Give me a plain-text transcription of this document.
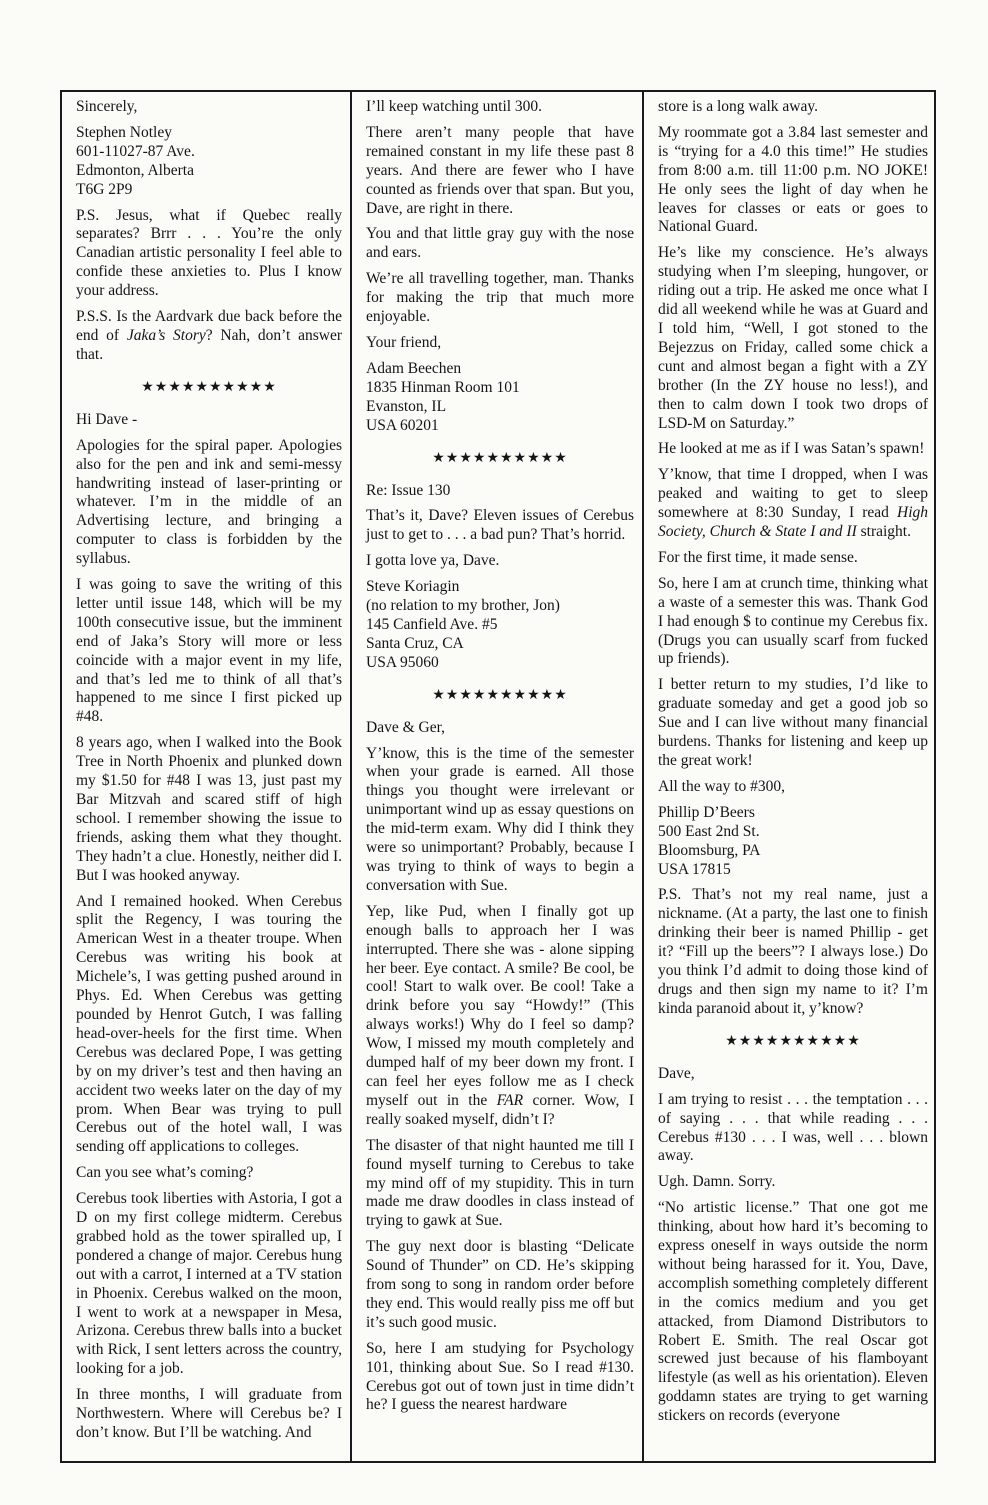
Sincerely,

Stephen Notley
601-11027-87 Ave.
Edmonton, Alberta
T6G 2P9

P.S. Jesus, what if Quebec really separates? Brrr . . . You’re the only Canadian artistic personality I feel able to confide these anxieties to. Plus I know your address.

P.S.S. Is the Aardvark due back before the end of Jaka’s Story? Nah, don’t answer that.

★★★★★★★★★★

Hi Dave -

Apologies for the spiral paper. Apologies also for the pen and ink and semi-messy handwriting instead of laser-printing or whatever. I’m in the middle of an Advertising lecture, and bringing a computer to class is forbidden by the syllabus.

I was going to save the writing of this letter until issue 148, which will be my 100th consecutive issue, but the imminent end of Jaka’s Story will more or less coincide with a major event in my life, and that’s led me to think of all that’s happened to me since I first picked up #48.

8 years ago, when I walked into the Book Tree in North Phoenix and plunked down my $1.50 for #48 I was 13, just past my Bar Mitzvah and scared stiff of high school. I remember showing the issue to friends, asking them what they thought. They hadn’t a clue. Honestly, neither did I. But I was hooked anyway.

And I remained hooked. When Cerebus split the Regency, I was touring the American West in a theater troupe. When Cerebus was writing his book at Michele’s, I was getting pushed around in Phys. Ed. When Cerebus was getting pounded by Henrot Gutch, I was falling head-over-heels for the first time. When Cerebus was declared Pope, I was getting by on my driver’s test and then having an accident two weeks later on the day of my prom. When Bear was trying to pull Cerebus out of the hotel wall, I was sending off applications to colleges.

Can you see what’s coming?

Cerebus took liberties with Astoria, I got a D on my first college midterm. Cerebus grabbed hold as the tower spiralled up, I pondered a change of major. Cerebus hung out with a carrot, I interned at a TV station in Phoenix. Cerebus walked on the moon, I went to work at a newspaper in Mesa, Arizona. Cerebus threw balls into a bucket with Rick, I sent letters across the country, looking for a job.

In three months, I will graduate from Northwestern. Where will Cerebus be? I don’t know. But I’ll be watching. And

I’ll keep watching until 300.

There aren’t many people that have remained constant in my life these past 8 years. And there are fewer who I have counted as friends over that span. But you, Dave, are right in there.

You and that little gray guy with the nose and ears.

We’re all travelling together, man. Thanks for making the trip that much more enjoyable.

Your friend,

Adam Beechen
1835 Hinman Room 101
Evanston, IL
USA 60201
★★★★★★★★★★

Re: Issue 130

That’s it, Dave? Eleven issues of Cerebus just to get to . . . a bad pun? That’s horrid.

I gotta love ya, Dave.

Steve Koriagin
(no relation to my brother, Jon)
145 Canfield Ave. #5
Santa Cruz, CA
USA 95060
★★★★★★★★★★

Dave & Ger,

Y’know, this is the time of the semester when your grade is earned. All those things you thought were irrelevant or unimportant wind up as essay questions on the mid-term exam. Why did I think they were so unimportant? Probably, because I was trying to think of ways to begin a conversation with Sue.

Yep, like Pud, when I finally got up enough balls to approach her I was interrupted. There she was - alone sipping her beer. Eye contact. A smile? Be cool, be cool! Start to walk over. Be cool! Take a drink before you say “Howdy!” (This always works!) Why do I feel so damp? Wow, I missed my mouth completely and dumped half of my beer down my front. I can feel her eyes follow me as I check myself out in the FAR corner. Wow, I really soaked myself, didn’t I?

The disaster of that night haunted me till I found myself turning to Cerebus to take my mind off of my stupidity. This in turn made me draw doodles in class instead of trying to gawk at Sue.

The guy next door is blasting “Delicate Sound of Thunder” on CD. He’s skipping from song to song in random order before they end. This would really piss me off but it’s such good music.

So, here I am studying for Psychology 101, thinking about Sue. So I read #130. Cerebus got out of town just in time didn’t he? I guess the nearest hardware

store is a long walk away.

My roommate got a 3.84 last semester and is “trying for a 4.0 this time!” He studies from 8:00 a.m. till 11:00 p.m. NO JOKE! He only sees the light of day when he leaves for classes or eats or goes to National Guard.

He’s like my conscience. He’s always studying when I’m sleeping, hungover, or riding out a trip. He asked me once what I did all weekend while he was at Guard and I told him, “Well, I got stoned to the Bejezzus on Friday, called some chick a cunt and almost began a fight with a ZY brother (In the ZY house no less!), and then to calm down I took two drops of LSD-M on Saturday.”

He looked at me as if I was Satan’s spawn!

Y’know, that time I dropped, when I was peaked and waiting to get to sleep somewhere at 8:30 Sunday, I read High Society, Church & State I and II straight.

For the first time, it made sense.

So, here I am at crunch time, thinking what a waste of a semester this was. Thank God I had enough $ to continue my Cerebus fix. (Drugs you can usually scarf from fucked up friends).

I better return to my studies, I’d like to graduate someday and get a good job so Sue and I can live without many financial burdens. Thanks for listening and keep up the great work!

All the way to #300,

Phillip D’Beers
500 East 2nd St.
Bloomsburg, PA
USA 17815

P.S. That’s not my real name, just a nickname. (At a party, the last one to finish drinking their beer is named Phillip - get it? “Fill up the beers”? I always lose.) Do you think I’d admit to doing those kind of drugs and then sign my name to it? I’m kinda paranoid about it, y’know?

★★★★★★★★★★

Dave,

I am trying to resist . . . the temptation . . . of saying . . . that while reading . . . Cerebus #130 . . . I was, well . . . blown away.

Ugh. Damn. Sorry.

“No artistic license.” That one got me thinking, about how hard it’s becoming to express oneself in ways outside the norm without being harassed for it. You, Dave, accomplish something completely different in the comics medium and you get attacked, from Diamond Distributors to Robert E. Smith. The real Oscar got screwed just because of his flamboyant lifestyle (as well as his orientation). Eleven goddamn states are trying to get warning stickers on records (everyone
